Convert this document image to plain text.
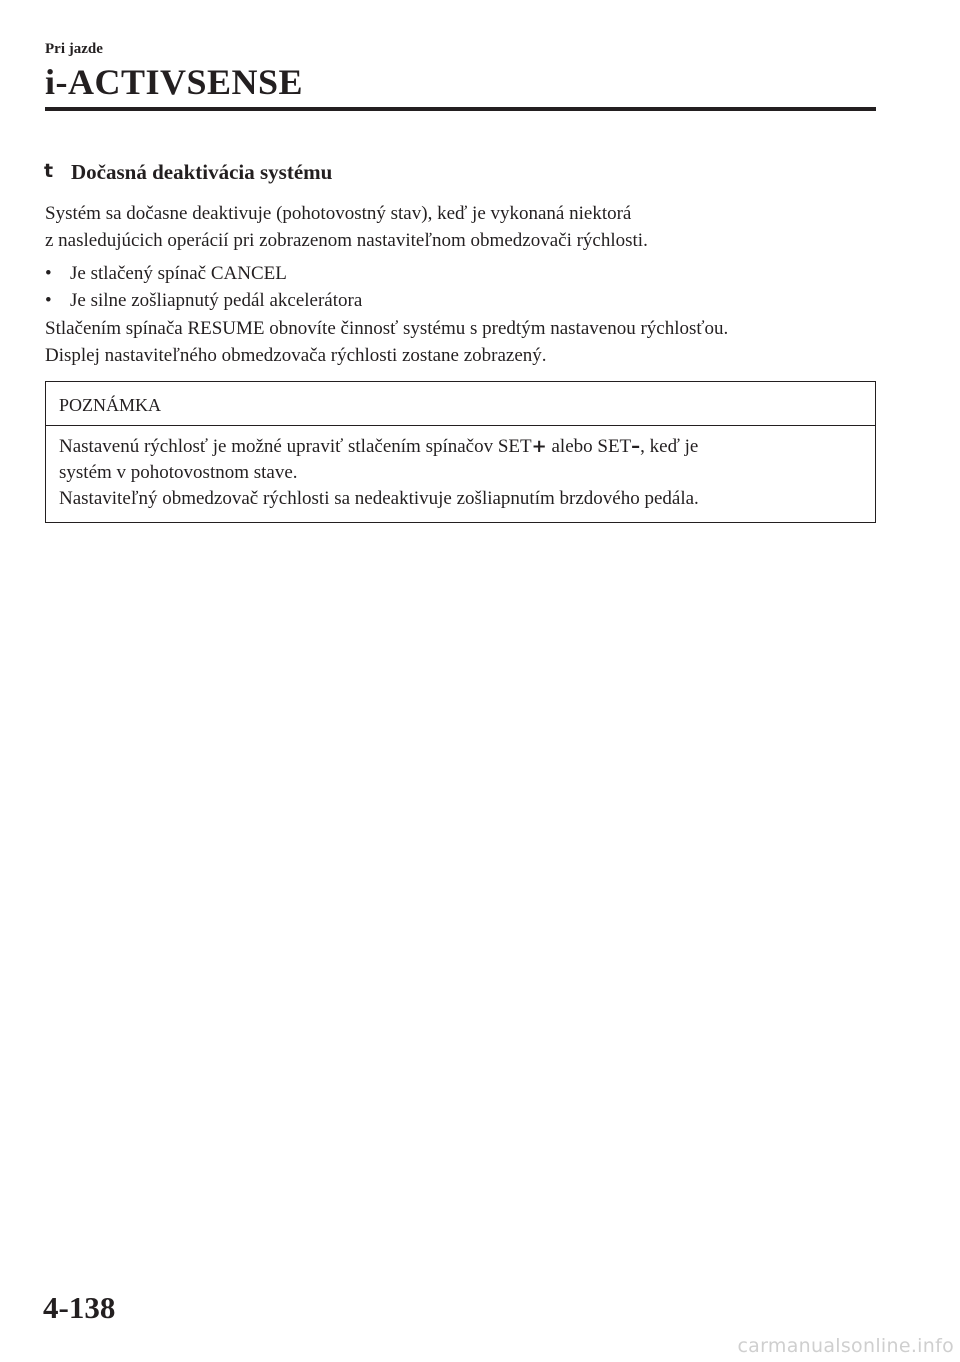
Pri jazde
i-ACTIVSENSE
t Dočasná deaktivácia systému

Systém sa dočasne deaktivuje (pohotovostný stav), keď je vykonaná niektorá
z nasledujúcich operácií pri zobrazenom nastaviteľnom obmedzovači rýchlosti.

• Je stlačený spínač CANCEL
• Je silne zošliapnutý pedál akcelerátora

Stlačením spínača RESUME obnovíte činnosť systému s predtým nastavenou rýchlosťou.
Displej nastaviteľného obmedzovača rýchlosti zostane zobrazený.

POZNÁMKA

Nastavenú rýchlosť je možné upraviť stlačením spínačov SET+ alebo SET–, keď je
systém v pohotovostnom stave.
Nastaviteľný obmedzovač rýchlosti sa nedeaktivuje zošliapnutím brzdového pedála.

4-138
carmanualsonline.info
